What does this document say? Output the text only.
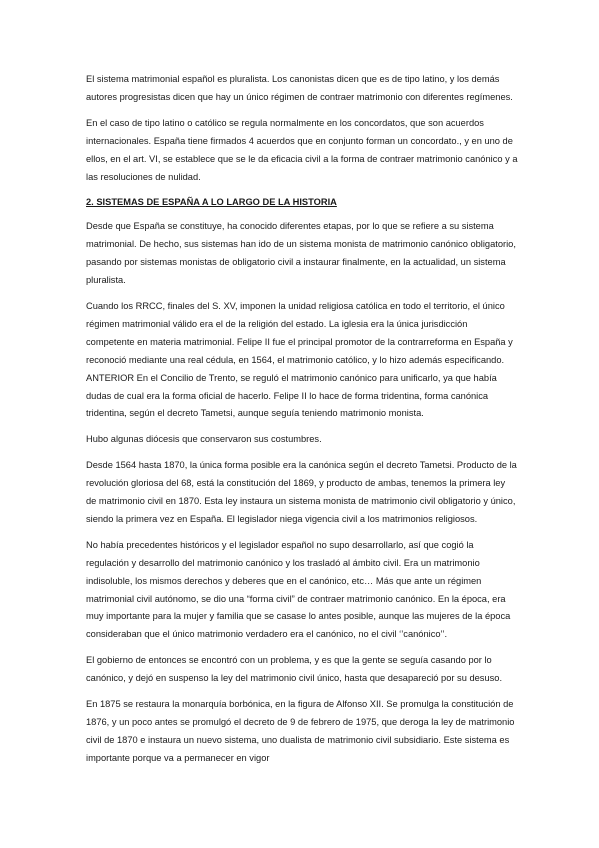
El sistema matrimonial español es pluralista. Los canonistas dicen que es de tipo latino, y los demás autores progresistas dicen que hay un único régimen de contraer matrimonio con diferentes regímenes.

En el caso de tipo latino o católico se regula normalmente en los concordatos, que son acuerdos internacionales. España tiene firmados 4 acuerdos que en conjunto forman un concordato., y en uno de ellos, en el art. VI, se establece que se le da eficacia civil a la forma de contraer matrimonio canónico y a las resoluciones de nulidad.

2. SISTEMAS DE ESPAÑA A LO LARGO DE LA HISTORIA

Desde que España se constituye, ha conocido diferentes etapas, por lo que se refiere a su sistema matrimonial. De hecho, sus sistemas han ido de un sistema monista de matrimonio canónico obligatorio, pasando por sistemas monistas de obligatorio civil a instaurar finalmente, en la actualidad, un sistema pluralista.

Cuando los RRCC, finales del S. XV, imponen la unidad religiosa católica en todo el territorio, el único régimen matrimonial válido era el de la religión del estado. La iglesia era la única jurisdicción competente en materia matrimonial. Felipe II fue el principal promotor de la contrarreforma en España y reconoció mediante una real cédula, en 1564, el matrimonio católico, y lo hizo además especificando. ANTERIOR En el Concilio de Trento, se reguló el matrimonio canónico para unificarlo, ya que había dudas de cual era la forma oficial de hacerlo. Felipe II lo hace de forma tridentina, forma canónica tridentina, según el decreto Tametsi, aunque seguía teniendo matrimonio monista.

Hubo algunas diócesis que conservaron sus costumbres.

Desde 1564 hasta 1870, la única forma posible era la canónica según el decreto Tametsi. Producto de la revolución gloriosa del 68, está la constitución del 1869, y producto de ambas, tenemos la primera ley de matrimonio civil en 1870. Esta ley instaura un sistema monista de matrimonio civil obligatorio y único, siendo la primera vez en España. El legislador niega vigencia civil a los matrimonios religiosos.

No había precedentes históricos y el legislador español no supo desarrollarlo, así que cogió la regulación y desarrollo del matrimonio canónico y los trasladó al ámbito civil. Era un matrimonio indisoluble, los mismos derechos y deberes que en el canónico, etc… Más que ante un régimen matrimonial civil autónomo, se dio una “forma civil” de contraer matrimonio canónico. En la época, era muy importante para la mujer y familia que se casase lo antes posible, aunque las mujeres de la época consideraban que el único matrimonio verdadero era el canónico, no el civil ‘’canónico’’.

El gobierno de entonces se encontró con un problema, y es que la gente se seguía casando por lo canónico, y dejó en suspenso la ley del matrimonio civil único, hasta que desapareció por su desuso.

En 1875 se restaura la monarquía borbónica, en la figura de Alfonso XII. Se promulga la constitución de 1876, y un poco antes se promulgó el decreto de 9 de febrero de 1975, que deroga la ley de matrimonio civil de 1870 e instaura un nuevo sistema, uno dualista de matrimonio civil subsidiario. Este sistema es importante porque va a permanecer en vigor
